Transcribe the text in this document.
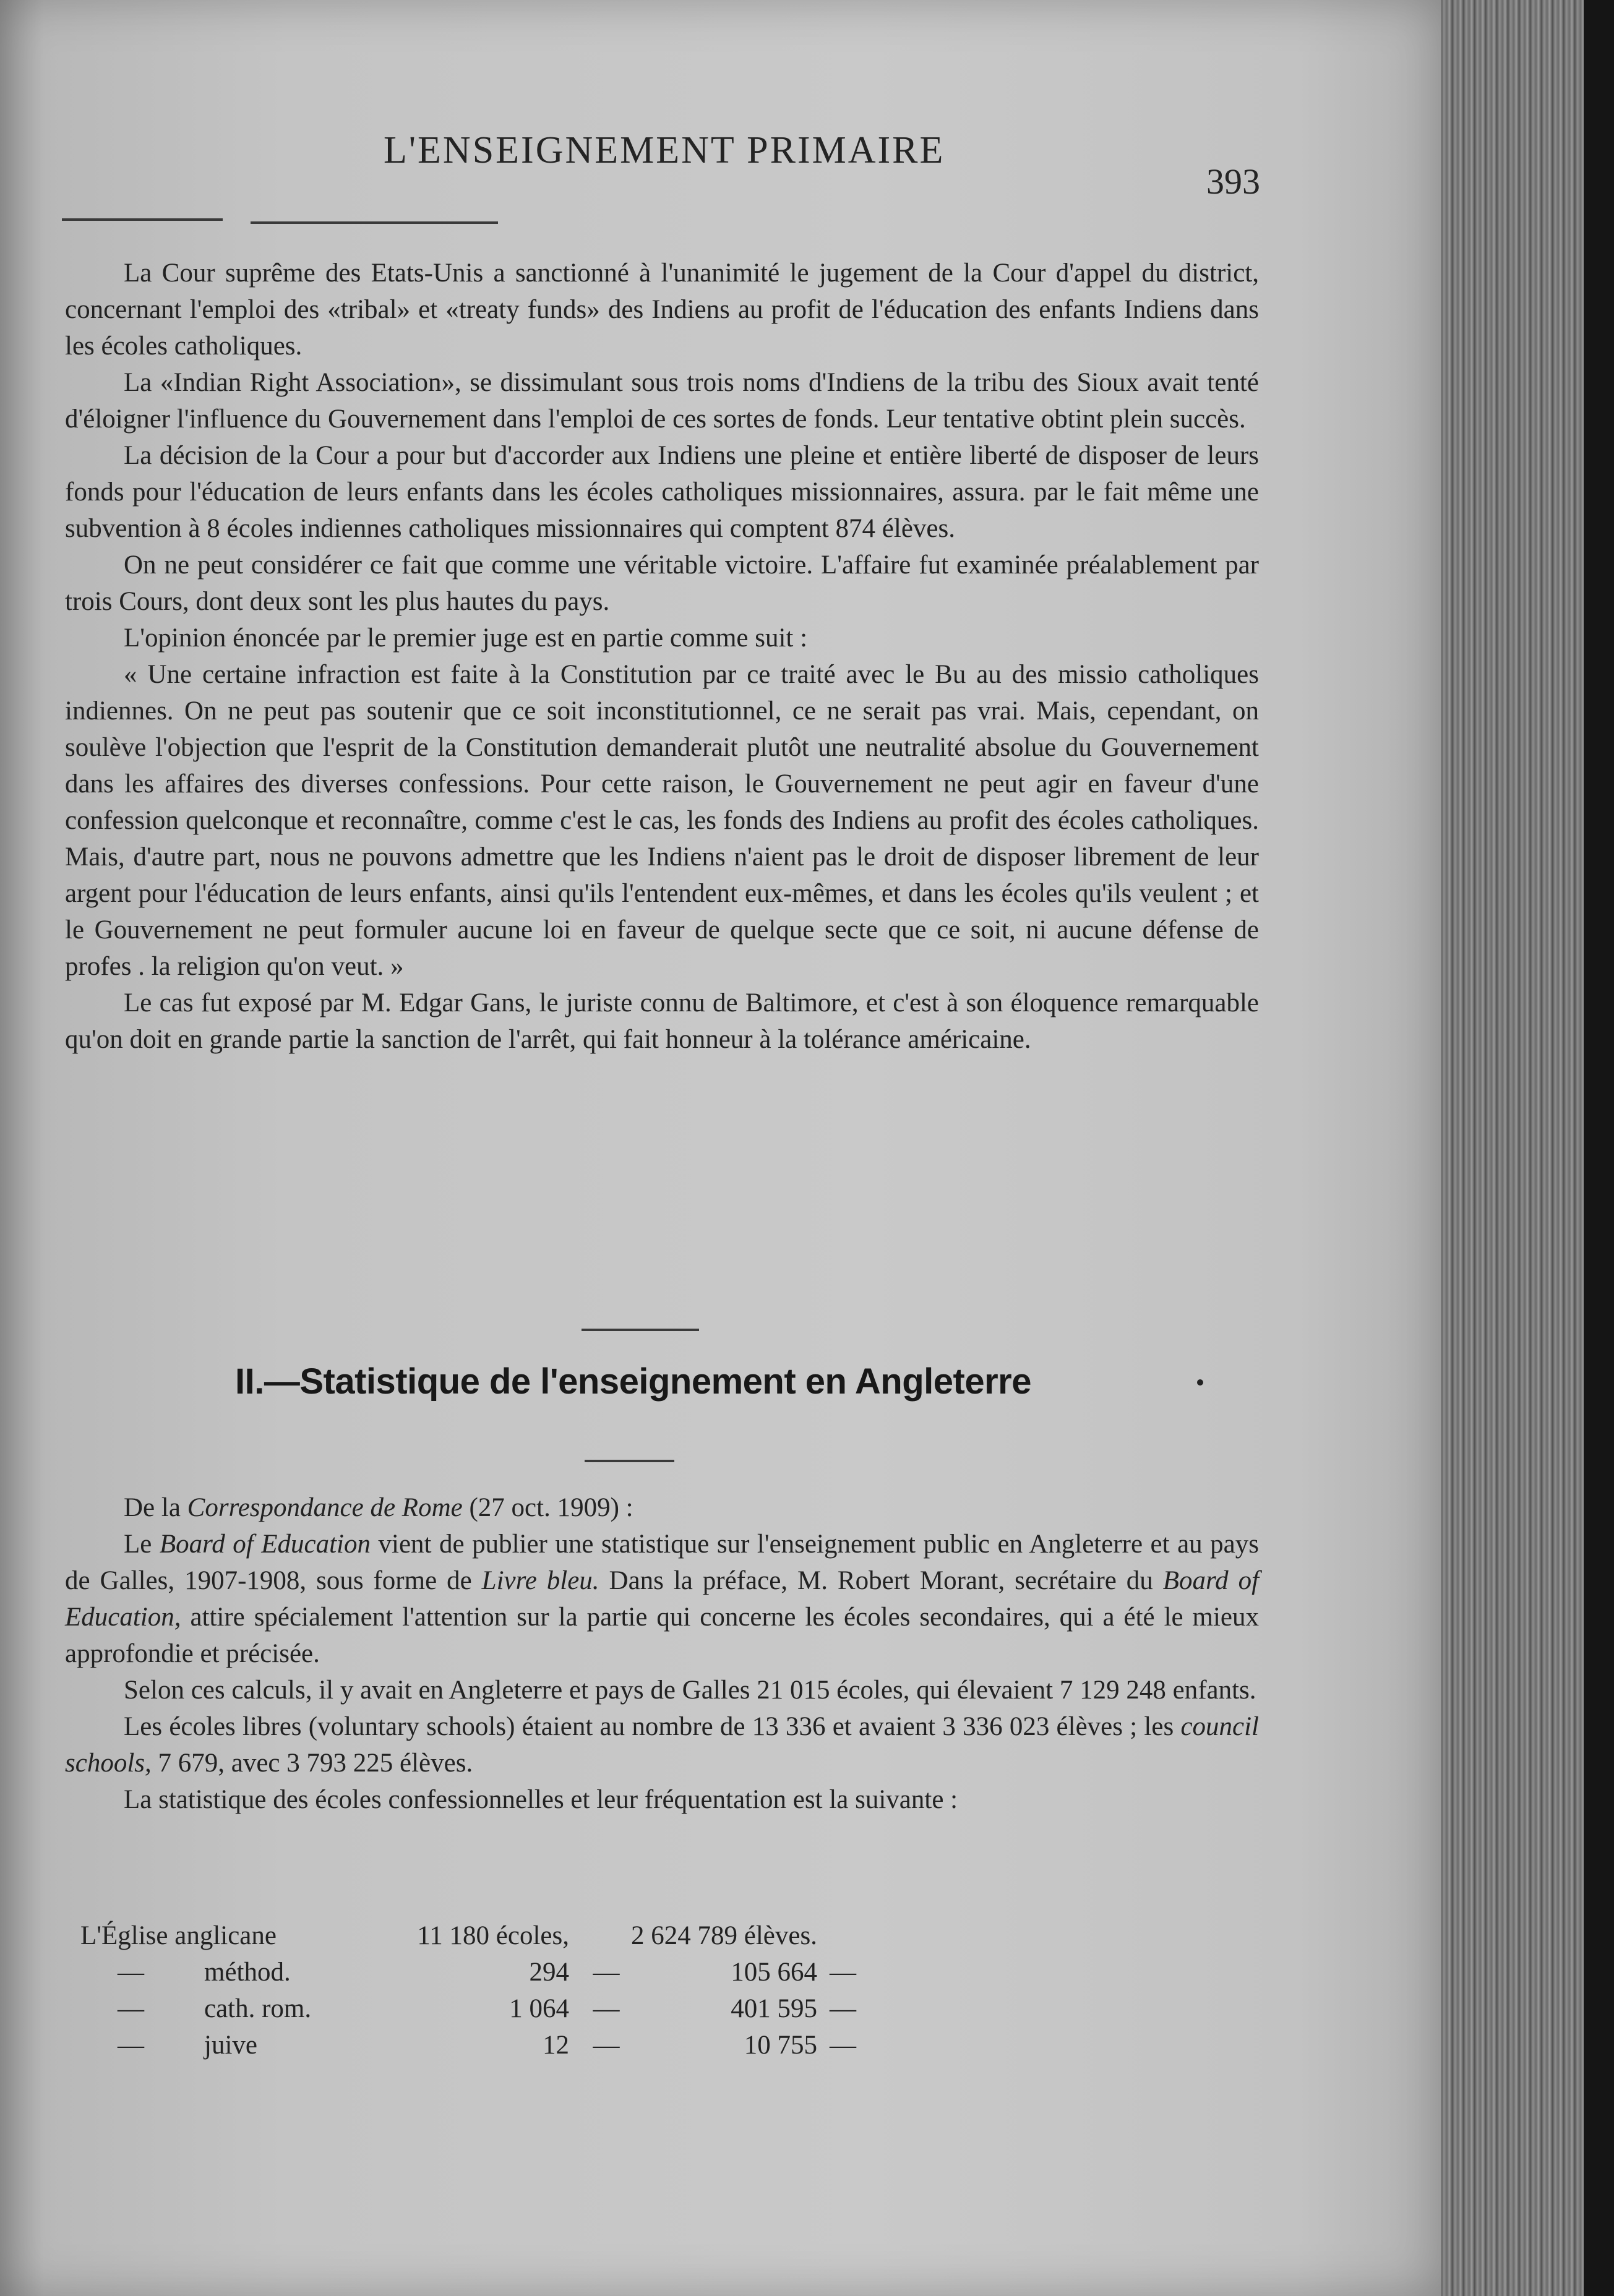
L'ENSEIGNEMENT PRIMAIRE
393

La Cour suprême des Etats-Unis a sanctionné à l'unanimité le jugement de la Cour d'appel du district, concernant l'emploi des «tribal» et «treaty funds» des Indiens au profit de l'éducation des enfants Indiens dans les écoles catholiques.

La «Indian Right Association», se dissimulant sous trois noms d'Indiens de la tribu des Sioux avait tenté d'éloigner l'influence du Gouvernement dans l'emploi de ces sortes de fonds. Leur tentative obtint plein succès.

La décision de la Cour a pour but d'accorder aux Indiens une pleine et entière liberté de disposer de leurs fonds pour l'éducation de leurs enfants dans les écoles catholiques missionnaires, assura. par le fait même une subvention à 8 écoles indiennes catholiques missionnaires qui comptent 874 élèves.

On ne peut considérer ce fait que comme une véritable victoire. L'affaire fut examinée préalablement par trois Cours, dont deux sont les plus hautes du pays.

L'opinion énoncée par le premier juge est en partie comme suit :

« Une certaine infraction est faite à la Constitution par ce traité avec le Bu au des missio catholiques indiennes. On ne peut pas soutenir que ce soit inconstitutionnel, ce ne serait pas vrai. Mais, cependant, on soulève l'objection que l'esprit de la Constitution demanderait plutôt une neutralité absolue du Gouvernement dans les affaires des diverses confessions. Pour cette raison, le Gouvernement ne peut agir en faveur d'une confession quelconque et reconnaître, comme c'est le cas, les fonds des Indiens au profit des écoles catholiques. Mais, d'autre part, nous ne pouvons admettre que les Indiens n'aient pas le droit de disposer librement de leur argent pour l'éducation de leurs enfants, ainsi qu'ils l'entendent eux-mêmes, et dans les écoles qu'ils veulent ; et le Gouvernement ne peut formuler aucune loi en faveur de quelque secte que ce soit, ni aucune défense de profes . la religion qu'on veut. »

Le cas fut exposé par M. Edgar Gans, le juriste connu de Baltimore, et c'est à son éloquence remarquable qu'on doit en grande partie la sanction de l'arrêt, qui fait honneur à la tolérance américaine.

II.—Statistique de l'enseignement en Angleterre

De la Correspondance de Rome (27 oct. 1909) :

Le Board of Education vient de publier une statistique sur l'enseignement public en Angleterre et au pays de Galles, 1907-1908, sous forme de Livre bleu. Dans la préface, M. Robert Morant, secrétaire du Board of Education, attire spécialement l'attention sur la partie qui concerne les écoles secondaires, qui a été le mieux approfondie et précisée.

Selon ces calculs, il y avait en Angleterre et pays de Galles 21 015 écoles, qui élevaient 7 129 248 enfants.

Les écoles libres (voluntary schools) étaient au nombre de 13 336 et avaient 3 336 023 élèves ; les council schools, 7 679, avec 3 793 225 élèves.

La statistique des écoles confessionnelles et leur fréquentation est la suivante :

L'Église anglicane	11 180 écoles,		2 624 789 élèves.	
— méthod.	294	—	105 664	—
— cath. rom.	1 064	—	401 595	—
— juive	12	—	10 755	—
